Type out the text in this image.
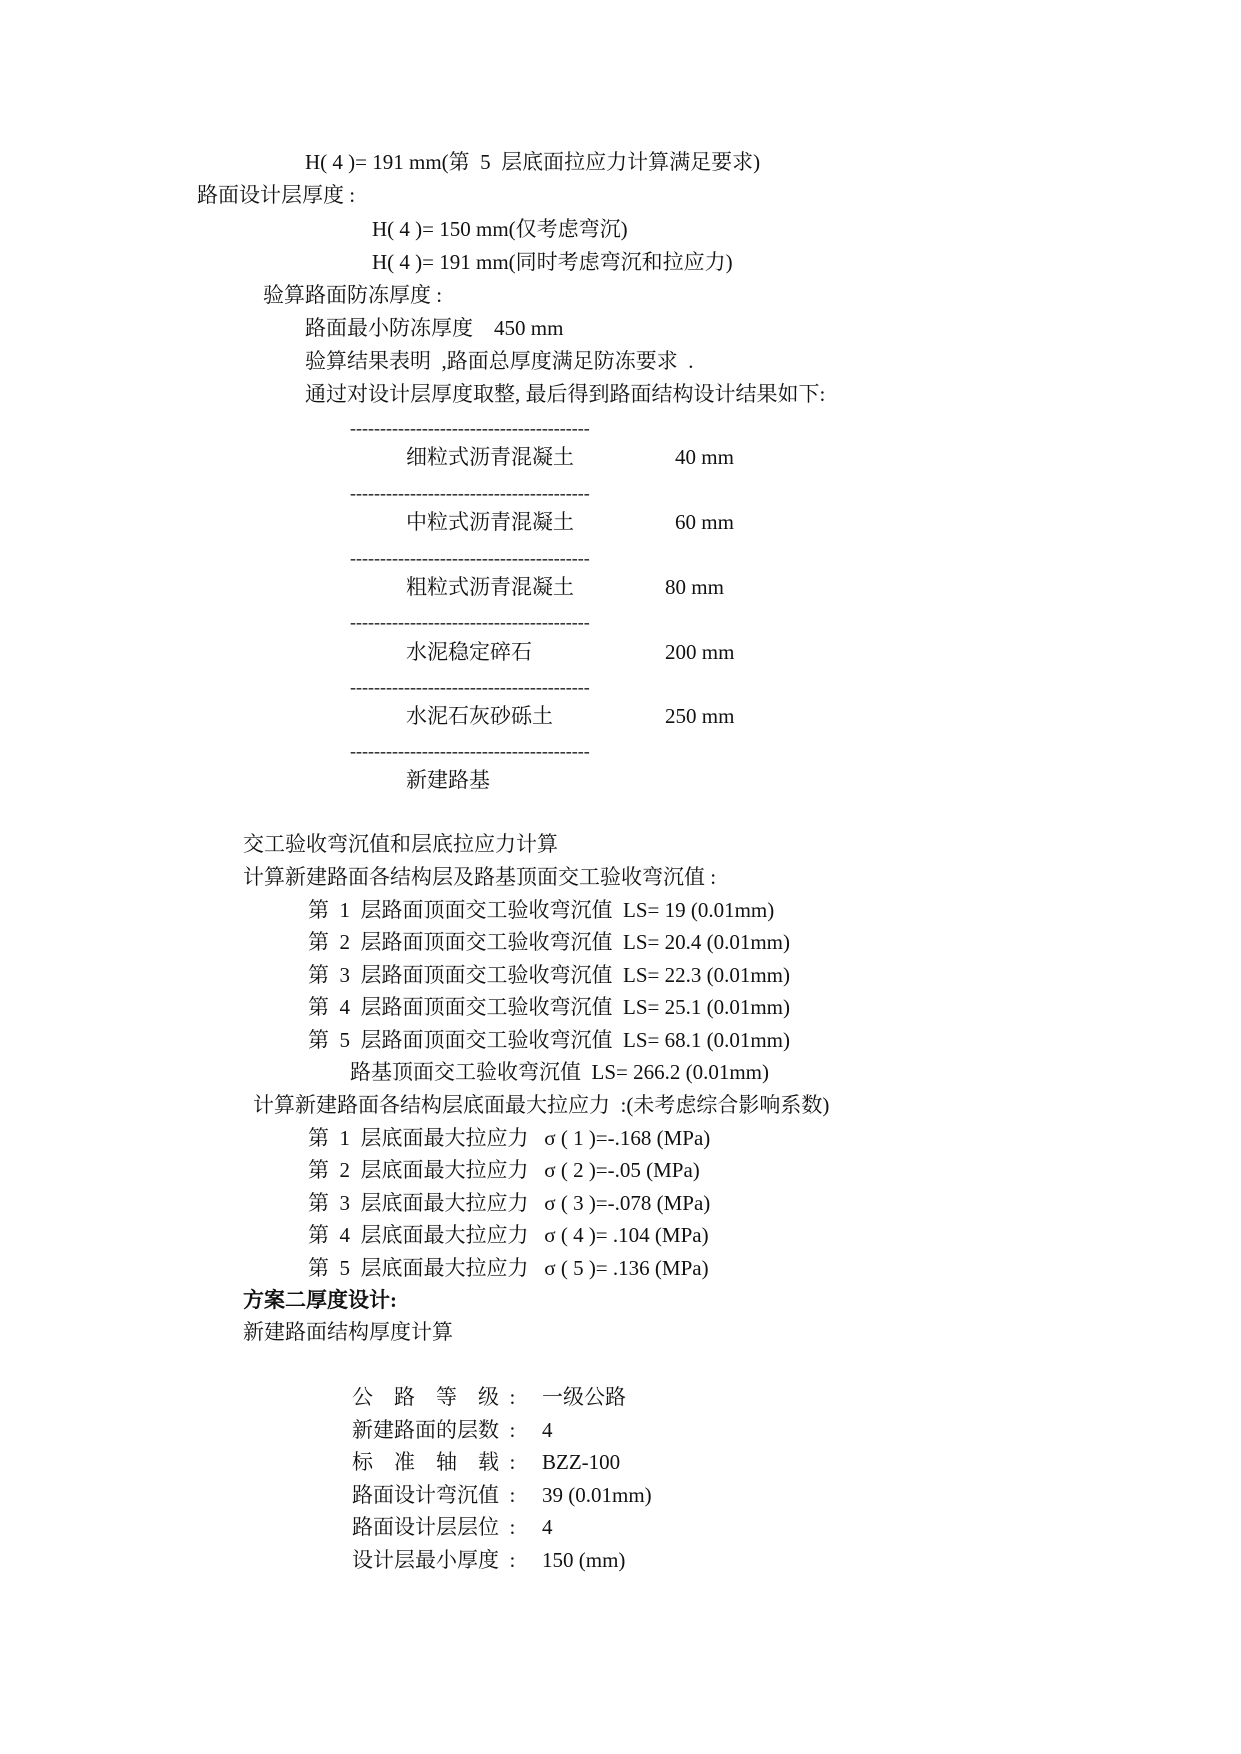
H( 4 )= 191 mm(第  5  层底面拉应力计算满足要求)
路面设计层厚度 :
H( 4 )= 150 mm(仅考虑弯沉)
H( 4 )= 191 mm(同时考虑弯沉和拉应力)
验算路面防冻厚度 :
路面最小防冻厚度    450 mm
验算结果表明  ,路面总厚度满足防冻要求  .
通过对设计层厚度取整, 最后得到路面结构设计结果如下:
----------------------------------------
细粒式沥青混凝土	40 mm
----------------------------------------
中粒式沥青混凝土	60 mm
----------------------------------------
粗粒式沥青混凝土	80 mm
----------------------------------------
水泥稳定碎石	200 mm
----------------------------------------
水泥石灰砂砾土	250 mm
----------------------------------------
新建路基
交工验收弯沉值和层底拉应力计算
计算新建路面各结构层及路基顶面交工验收弯沉值 :
第  1  层路面顶面交工验收弯沉值  LS= 19 (0.01mm)
第  2  层路面顶面交工验收弯沉值  LS= 20.4 (0.01mm)
第  3  层路面顶面交工验收弯沉值  LS= 22.3 (0.01mm)
第  4  层路面顶面交工验收弯沉值  LS= 25.1 (0.01mm)
第  5  层路面顶面交工验收弯沉值  LS= 68.1 (0.01mm)
路基顶面交工验收弯沉值  LS= 266.2 (0.01mm)
计算新建路面各结构层底面最大拉应力  :(未考虑综合影响系数)
第  1  层底面最大拉应力   σ ( 1 )=-.168 (MPa)
第  2  层底面最大拉应力   σ ( 2 )=-.05 (MPa)
第  3  层底面最大拉应力   σ ( 3 )=-.078 (MPa)
第  4  层底面最大拉应力   σ ( 4 )= .104 (MPa)
第  5  层底面最大拉应力   σ ( 5 )= .136 (MPa)
方案二厚度设计:
新建路面结构厚度计算
公    路    等    级  : 一级公路
新建路面的层数  : 4
标    准    轴    载  : BZZ-100
路面设计弯沉值  : 39 (0.01mm)
路面设计层层位  : 4
设计层最小厚度  : 150 (mm)
